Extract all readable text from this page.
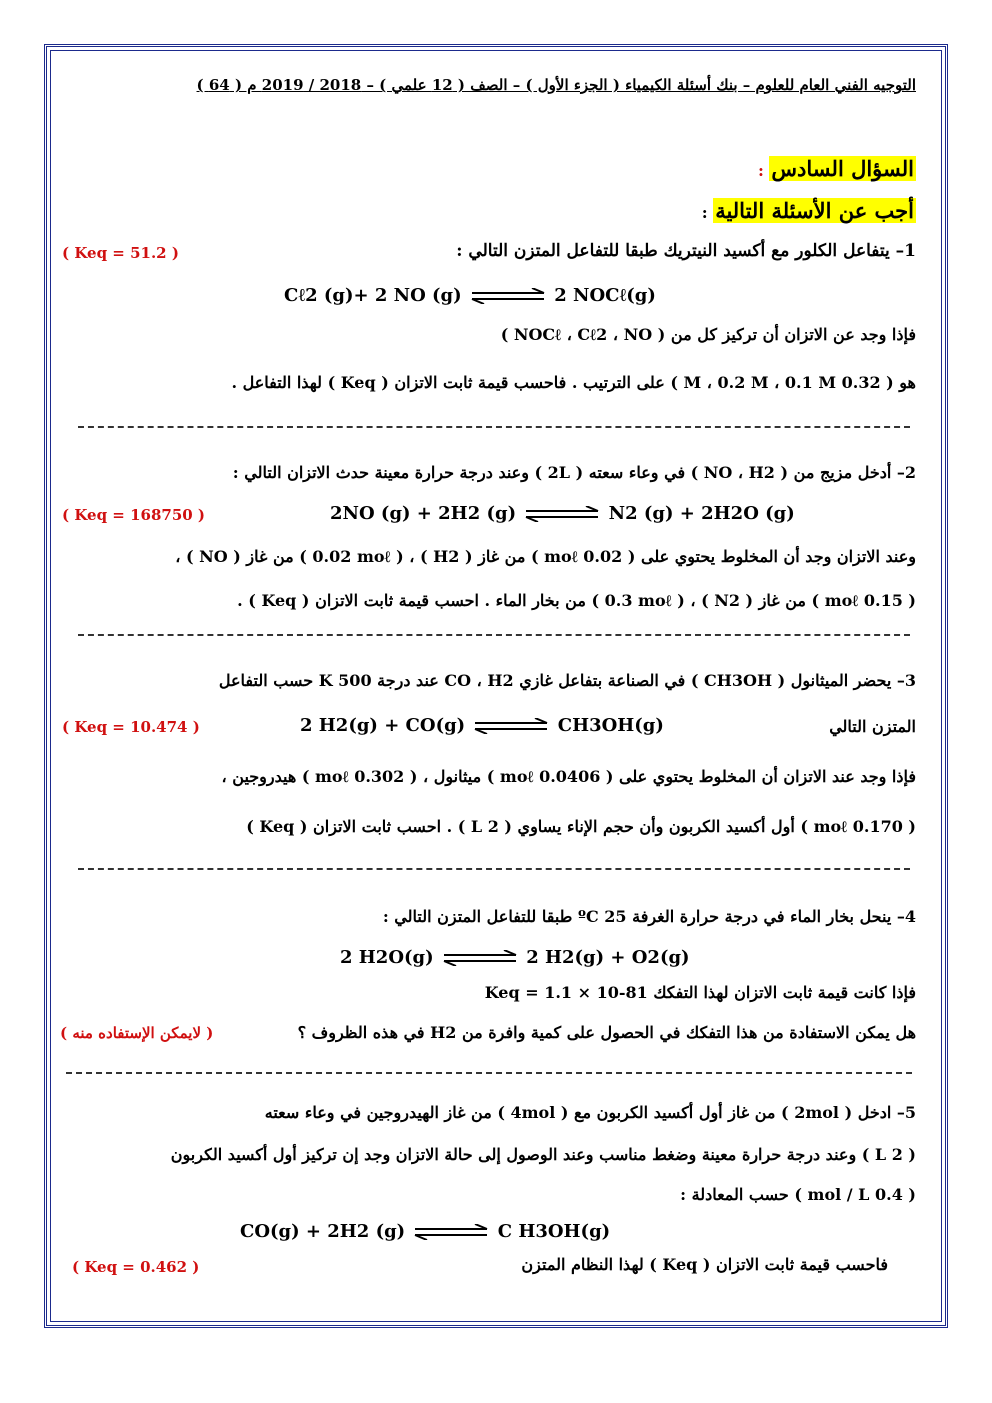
التوجيه الفني العام للعلوم – بنك أسئلة الكيمياء ( الجزء الأول ) – الصف ( 12 علمي ) – 2018 / 2019 م ( 64 )
السؤال السادس :
أجب عن الأسئلة التالية :
1– يتفاعل الكلور مع أكسيد النيتريك طبقا للتفاعل المتزن التالي :
( Keq = 51.2 )
Cℓ2 (g)+ 2 NO (g)	2 NOCℓ(g)
فإذا وجد عن الاتزان أن تركيز كل من ( NOCℓ ، Cℓ2 ، NO )
هو ( 0.32 M ، 0.2 M ، 0.1 M ) على الترتيب . فاحسب قيمة ثابت الاتزان ( Keq ) لهذا التفاعل .
2– أدخل مزيج من ( NO ، H2 ) في وعاء سعته ( 2L ) وعند درجة حرارة معينة حدث الاتزان التالي :
( Keq = 168750 )	2NO (g) + 2H2 (g)	N2 (g) + 2H2O (g)
وعند الاتزان وجد أن المخلوط يحتوي على ( 0.02 moℓ ) من غاز ( H2 ) ، ( 0.02 moℓ ) من غاز ( NO ) ،
( 0.15 moℓ ) من غاز ( N2 ) ، ( 0.3 moℓ ) من بخار الماء . احسب قيمة ثابت الاتزان ( Keq ) .
3– يحضر الميثانول ( CH3OH ) في الصناعة بتفاعل غازي CO ، H2 عند درجة 500 K حسب التفاعل
المتزن التالي
( Keq = 10.474 )	2 H2(g) + CO(g)	CH3OH(g)
فإذا وجد عند الاتزان أن المخلوط يحتوي على ( 0.0406 moℓ ) ميثانول ، ( 0.302 moℓ ) هيدروجين ،
( 0.170 moℓ ) أول أكسيد الكربون وأن حجم الإناء يساوي ( 2 L ) . احسب ثابت الاتزان ( Keq )
4– ينحل بخار الماء في درجة حرارة الغرفة 25 ºC طبقا للتفاعل المتزن التالي :
2 H2O(g)	2 H2(g) + O2(g)
فإذا كانت قيمة ثابت الاتزان لهذا التفكك Keq = 1.1 × 10-81
هل يمكن الاستفادة من هذا التفكك في الحصول على كمية وافرة من H2 في هذه الظروف ؟
( لايمكن الإستفاده منه )
5– ادخل ( 2mol ) من غاز أول أكسيد الكربون مع ( 4mol ) من غاز الهيدروجين في وعاء سعته
( 2 L ) وعند درجة حرارة معينة وضغط مناسب وعند الوصول إلى حالة الاتزان وجد إن تركيز أول أكسيد الكربون
( 0.4 mol / L ) حسب المعادلة :
CO(g) + 2H2 (g)	C H3OH(g)
فاحسب قيمة ثابت الاتزان ( Keq ) لهذا النظام المتزن
( Keq = 0.462 )
